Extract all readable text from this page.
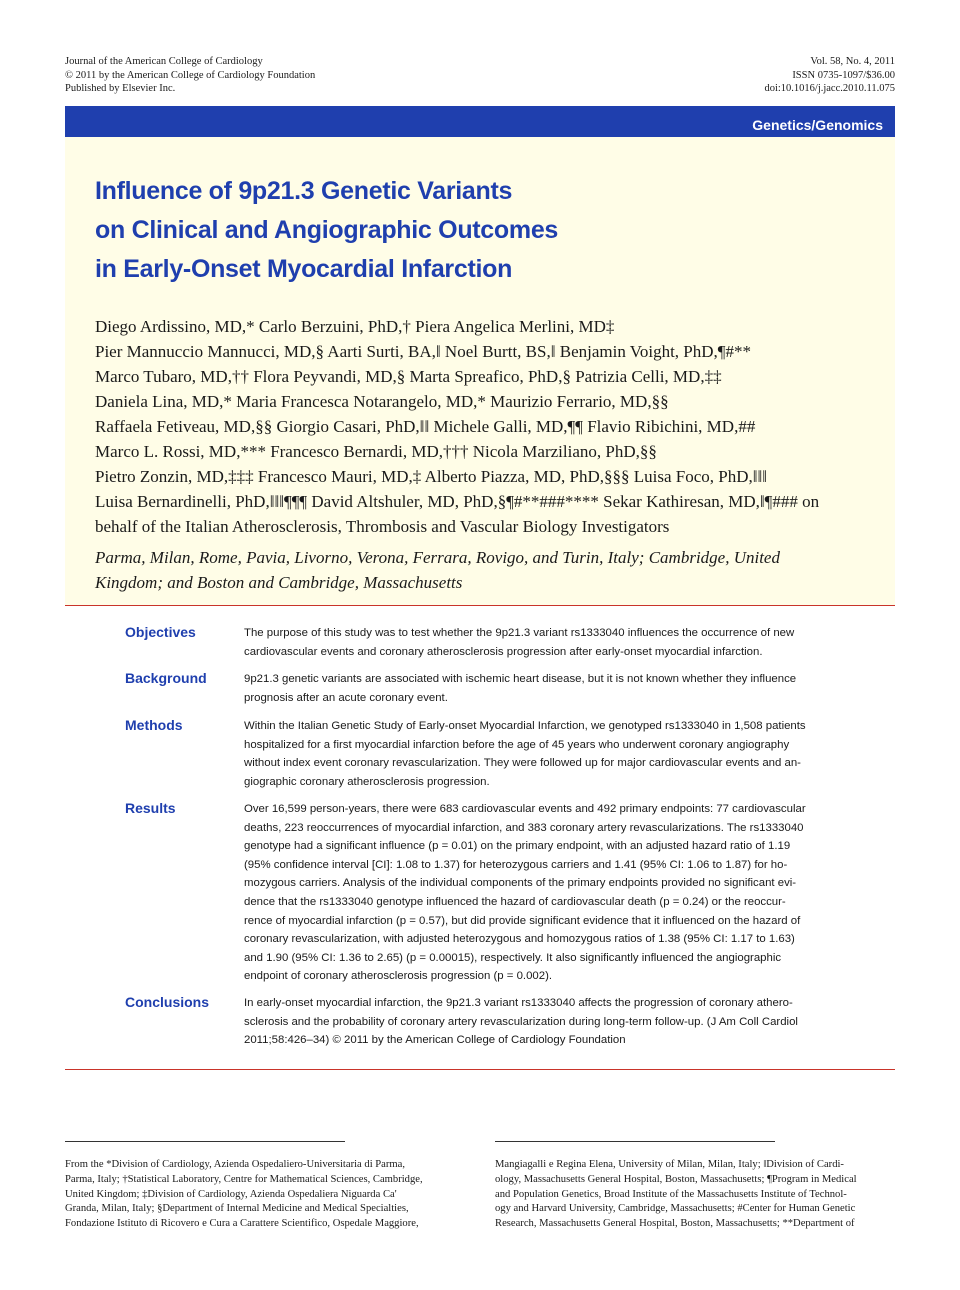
Journal of the American College of Cardiology
© 2011 by the American College of Cardiology Foundation
Published by Elsevier Inc.
Vol. 58, No. 4, 2011
ISSN 0735-1097/$36.00
doi:10.1016/j.jacc.2010.11.075
Genetics/Genomics
Influence of 9p21.3 Genetic Variants
on Clinical and Angiographic Outcomes
in Early-Onset Myocardial Infarction
Diego Ardissino, MD,* Carlo Berzuini, PhD,† Piera Angelica Merlini, MD‡
Pier Mannuccio Mannucci, MD,§ Aarti Surti, BA,‖ Noel Burtt, BS,‖ Benjamin Voight, PhD,¶#**
Marco Tubaro, MD,†† Flora Peyvandi, MD,§ Marta Spreafico, PhD,§ Patrizia Celli, MD,‡‡
Daniela Lina, MD,* Maria Francesca Notarangelo, MD,* Maurizio Ferrario, MD,§§
Raffaela Fetiveau, MD,§§ Giorgio Casari, PhD,‖‖ Michele Galli, MD,¶¶ Flavio Ribichini, MD,##
Marco L. Rossi, MD,*** Francesco Bernardi, MD,††† Nicola Marziliano, PhD,§§
Pietro Zonzin, MD,‡‡‡ Francesco Mauri, MD,‡ Alberto Piazza, MD, PhD,§§§ Luisa Foco, PhD,‖‖‖
Luisa Bernardinelli, PhD,‖‖‖¶¶¶ David Altshuler, MD, PhD,§¶#**###**** Sekar Kathiresan, MD,‖¶### on
behalf of the Italian Atherosclerosis, Thrombosis and Vascular Biology Investigators
Parma, Milan, Rome, Pavia, Livorno, Verona, Ferrara, Rovigo, and Turin, Italy; Cambridge, United
Kingdom; and Boston and Cambridge, Massachusetts
Objectives	The purpose of this study was to test whether the 9p21.3 variant rs1333040 influences the occurrence of new
cardiovascular events and coronary atherosclerosis progression after early-onset myocardial infarction.
Background	9p21.3 genetic variants are associated with ischemic heart disease, but it is not known whether they influence
prognosis after an acute coronary event.
Methods	Within the Italian Genetic Study of Early-onset Myocardial Infarction, we genotyped rs1333040 in 1,508 patients
hospitalized for a first myocardial infarction before the age of 45 years who underwent coronary angiography
without index event coronary revascularization. They were followed up for major cardiovascular events and an-
giographic coronary atherosclerosis progression.
Results	Over 16,599 person-years, there were 683 cardiovascular events and 492 primary endpoints: 77 cardiovascular
deaths, 223 reoccurrences of myocardial infarction, and 383 coronary artery revascularizations. The rs1333040
genotype had a significant influence (p = 0.01) on the primary endpoint, with an adjusted hazard ratio of 1.19
(95% confidence interval [CI]: 1.08 to 1.37) for heterozygous carriers and 1.41 (95% CI: 1.06 to 1.87) for ho-
mozygous carriers. Analysis of the individual components of the primary endpoints provided no significant evi-
dence that the rs1333040 genotype influenced the hazard of cardiovascular death (p = 0.24) or the reoccur-
rence of myocardial infarction (p = 0.57), but did provide significant evidence that it influenced on the hazard of
coronary revascularization, with adjusted heterozygous and homozygous ratios of 1.38 (95% CI: 1.17 to 1.63)
and 1.90 (95% CI: 1.36 to 2.65) (p = 0.00015), respectively. It also significantly influenced the angiographic
endpoint of coronary atherosclerosis progression (p = 0.002).
Conclusions	In early-onset myocardial infarction, the 9p21.3 variant rs1333040 affects the progression of coronary athero-
sclerosis and the probability of coronary artery revascularization during long-term follow-up. (J Am Coll Cardiol
2011;58:426–34) © 2011 by the American College of Cardiology Foundation
From the *Division of Cardiology, Azienda Ospedaliero-Universitaria di Parma,
Parma, Italy; †Statistical Laboratory, Centre for Mathematical Sciences, Cambridge,
United Kingdom; ‡Division of Cardiology, Azienda Ospedaliera Niguarda Ca'
Granda, Milan, Italy; §Department of Internal Medicine and Medical Specialties,
Fondazione Istituto di Ricovero e Cura a Carattere Scientifico, Ospedale Maggiore,
Mangiagalli e Regina Elena, University of Milan, Milan, Italy; ‖Division of Cardi-
ology, Massachusetts General Hospital, Boston, Massachusetts; ¶Program in Medical
and Population Genetics, Broad Institute of the Massachusetts Institute of Technol-
ogy and Harvard University, Cambridge, Massachusetts; #Center for Human Genetic
Research, Massachusetts General Hospital, Boston, Massachusetts; **Department of
